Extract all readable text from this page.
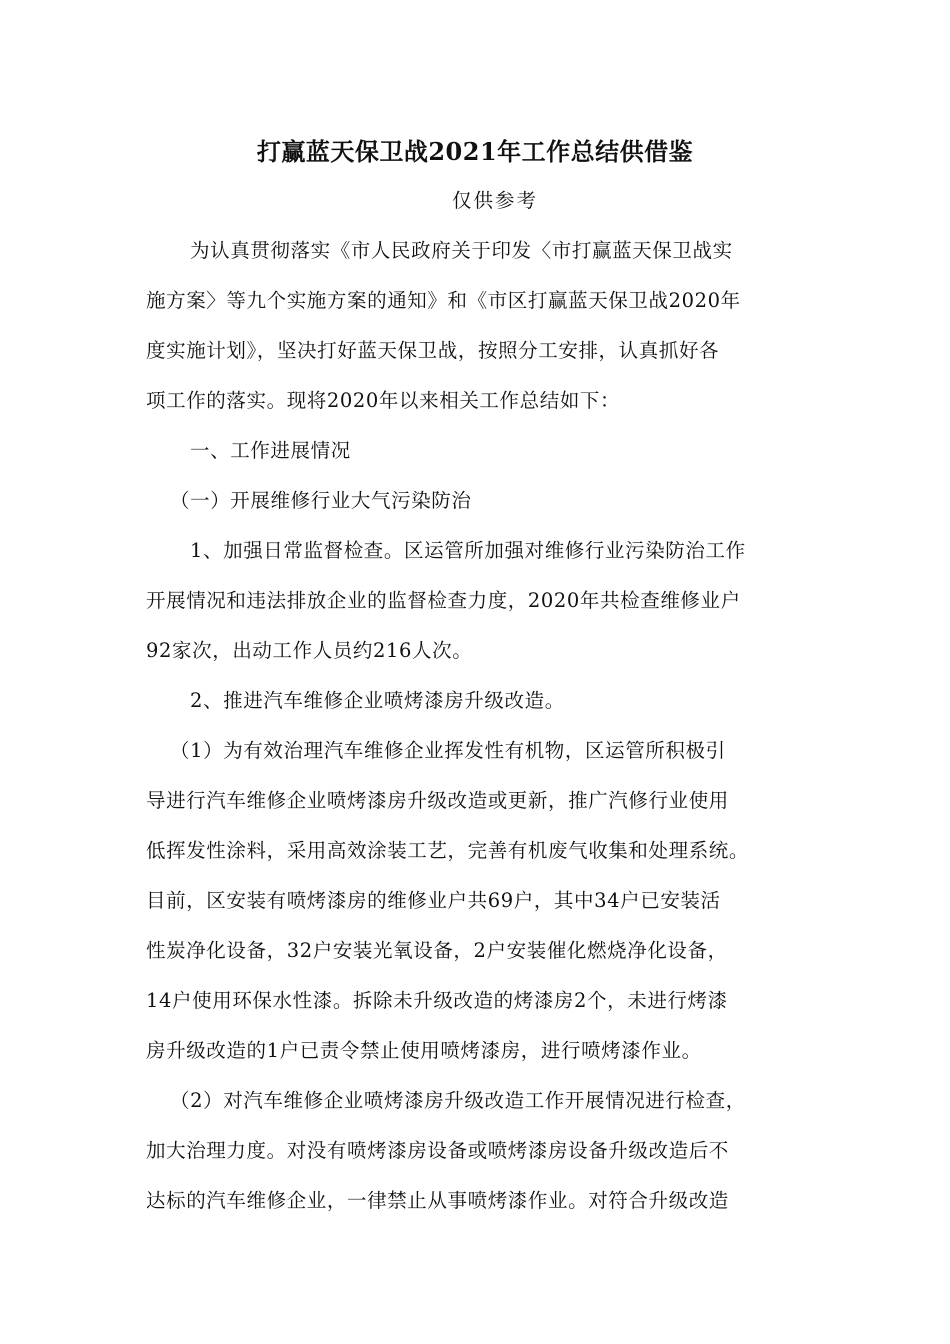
打赢蓝天保卫战2021年工作总结供借鉴
仅供参考
为认真贯彻落实《市人民政府关于印发〈市打赢蓝天保卫战实
施方案〉等九个实施方案的通知》和《市区打赢蓝天保卫战2020年
度实施计划》，坚决打好蓝天保卫战，按照分工安排，认真抓好各
项工作的落实。现将2020年以来相关工作总结如下：
一、工作进展情况
（一）开展维修行业大气污染防治
1、加强日常监督检查。区运管所加强对维修行业污染防治工作
开展情况和违法排放企业的监督检查力度，2020年共检查维修业户
92家次，出动工作人员约216人次。
2、推进汽车维修企业喷烤漆房升级改造。
（1）为有效治理汽车维修企业挥发性有机物，区运管所积极引
导进行汽车维修企业喷烤漆房升级改造或更新，推广汽修行业使用
低挥发性涂料，采用高效涂装工艺，完善有机废气收集和处理系统。
目前，区安装有喷烤漆房的维修业户共69户，其中34户已安装活
性炭净化设备，32户安装光氧设备，2户安装催化燃烧净化设备，
14户使用环保水性漆。拆除未升级改造的烤漆房2个，未进行烤漆
房升级改造的1户已责令禁止使用喷烤漆房，进行喷烤漆作业。
（2）对汽车维修企业喷烤漆房升级改造工作开展情况进行检查，
加大治理力度。对没有喷烤漆房设备或喷烤漆房设备升级改造后不
达标的汽车维修企业，一律禁止从事喷烤漆作业。对符合升级改造
